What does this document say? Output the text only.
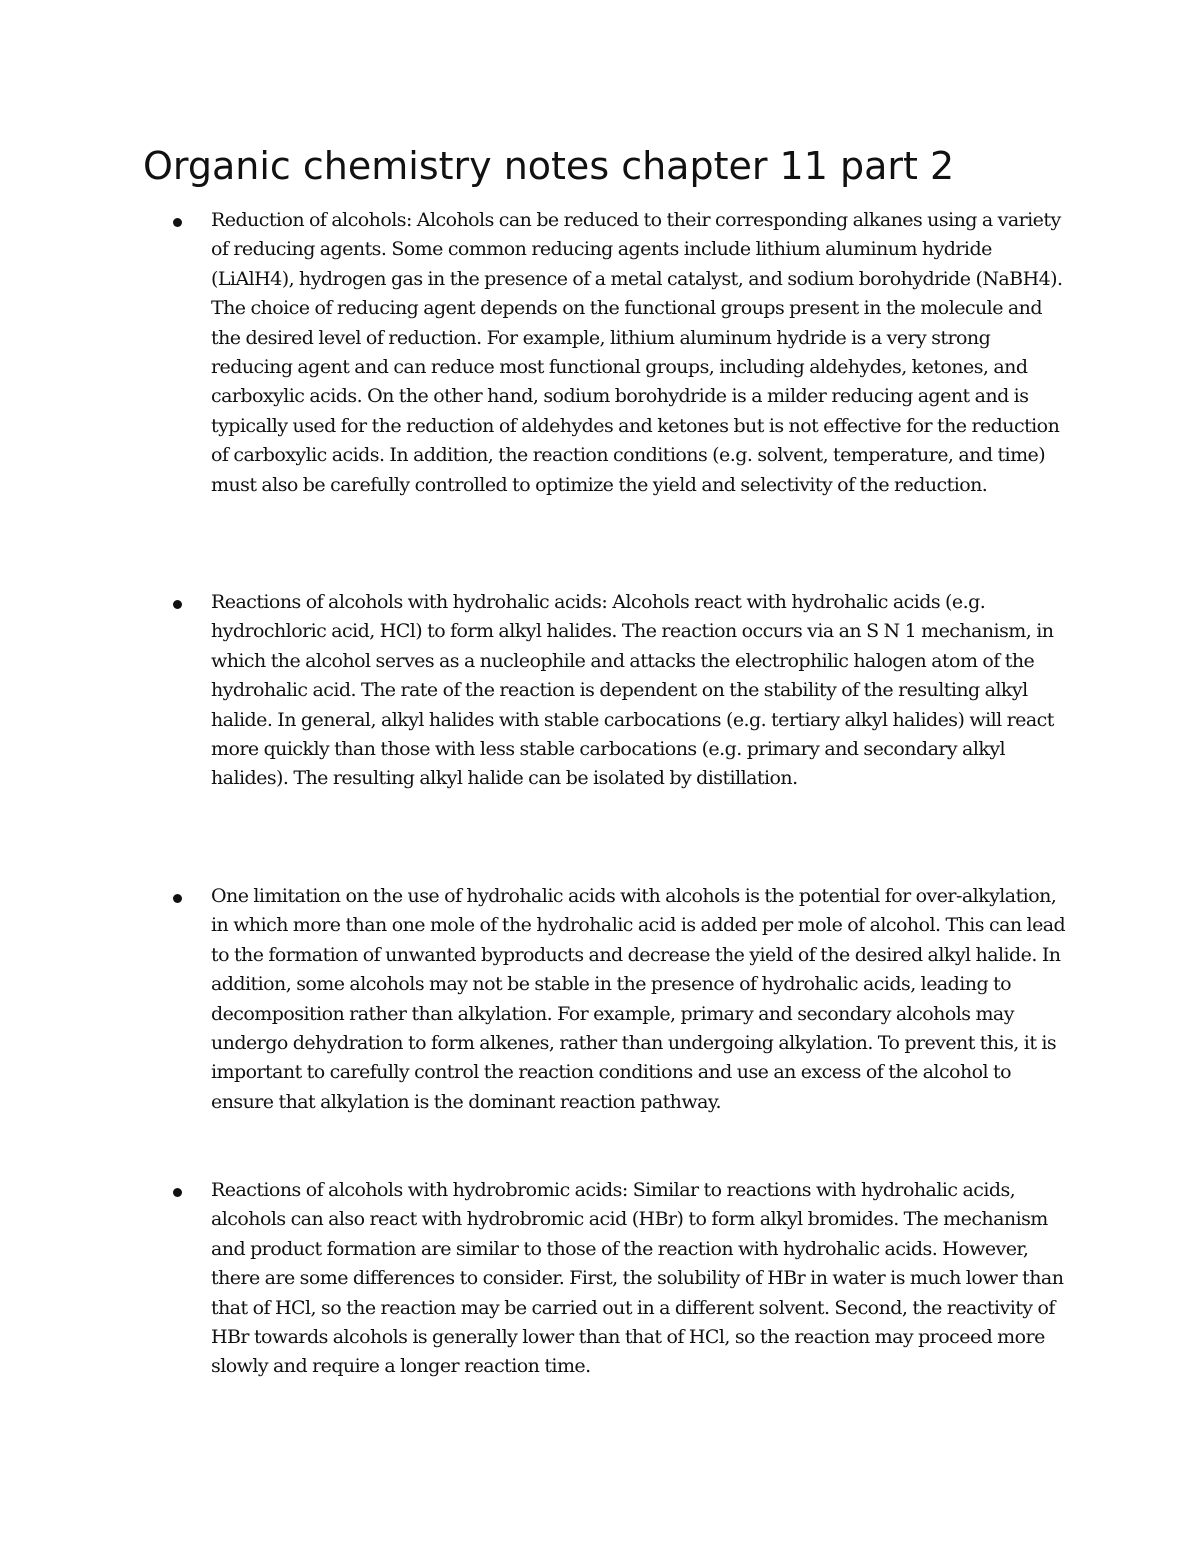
Organic chemistry notes chapter 11 part 2

Reduction of alcohols: Alcohols can be reduced to their corresponding alkanes using a variety of reducing agents. Some common reducing agents include lithium aluminum hydride (LiAlH4), hydrogen gas in the presence of a metal catalyst, and sodium borohydride (NaBH4). The choice of reducing agent depends on the functional groups present in the molecule and the desired level of reduction. For example, lithium aluminum hydride is a very strong reducing agent and can reduce most functional groups, including aldehydes, ketones, and carboxylic acids. On the other hand, sodium borohydride is a milder reducing agent and is typically used for the reduction of aldehydes and ketones but is not effective for the reduction of carboxylic acids. In addition, the reaction conditions (e.g. solvent, temperature, and time) must also be carefully controlled to optimize the yield and selectivity of the reduction.

Reactions of alcohols with hydrohalic acids: Alcohols react with hydrohalic acids (e.g. hydrochloric acid, HCl) to form alkyl halides. The reaction occurs via an S N 1 mechanism, in which the alcohol serves as a nucleophile and attacks the electrophilic halogen atom of the hydrohalic acid. The rate of the reaction is dependent on the stability of the resulting alkyl halide. In general, alkyl halides with stable carbocations (e.g. tertiary alkyl halides) will react more quickly than those with less stable carbocations (e.g. primary and secondary alkyl halides). The resulting alkyl halide can be isolated by distillation.

One limitation on the use of hydrohalic acids with alcohols is the potential for over-alkylation, in which more than one mole of the hydrohalic acid is added per mole of alcohol. This can lead to the formation of unwanted byproducts and decrease the yield of the desired alkyl halide. In addition, some alcohols may not be stable in the presence of hydrohalic acids, leading to decomposition rather than alkylation. For example, primary and secondary alcohols may undergo dehydration to form alkenes, rather than undergoing alkylation. To prevent this, it is important to carefully control the reaction conditions and use an excess of the alcohol to ensure that alkylation is the dominant reaction pathway.

Reactions of alcohols with hydrobromic acids: Similar to reactions with hydrohalic acids, alcohols can also react with hydrobromic acid (HBr) to form alkyl bromides. The mechanism and product formation are similar to those of the reaction with hydrohalic acids. However, there are some differences to consider. First, the solubility of HBr in water is much lower than that of HCl, so the reaction may be carried out in a different solvent. Second, the reactivity of HBr towards alcohols is generally lower than that of HCl, so the reaction may proceed more slowly and require a longer reaction time.
